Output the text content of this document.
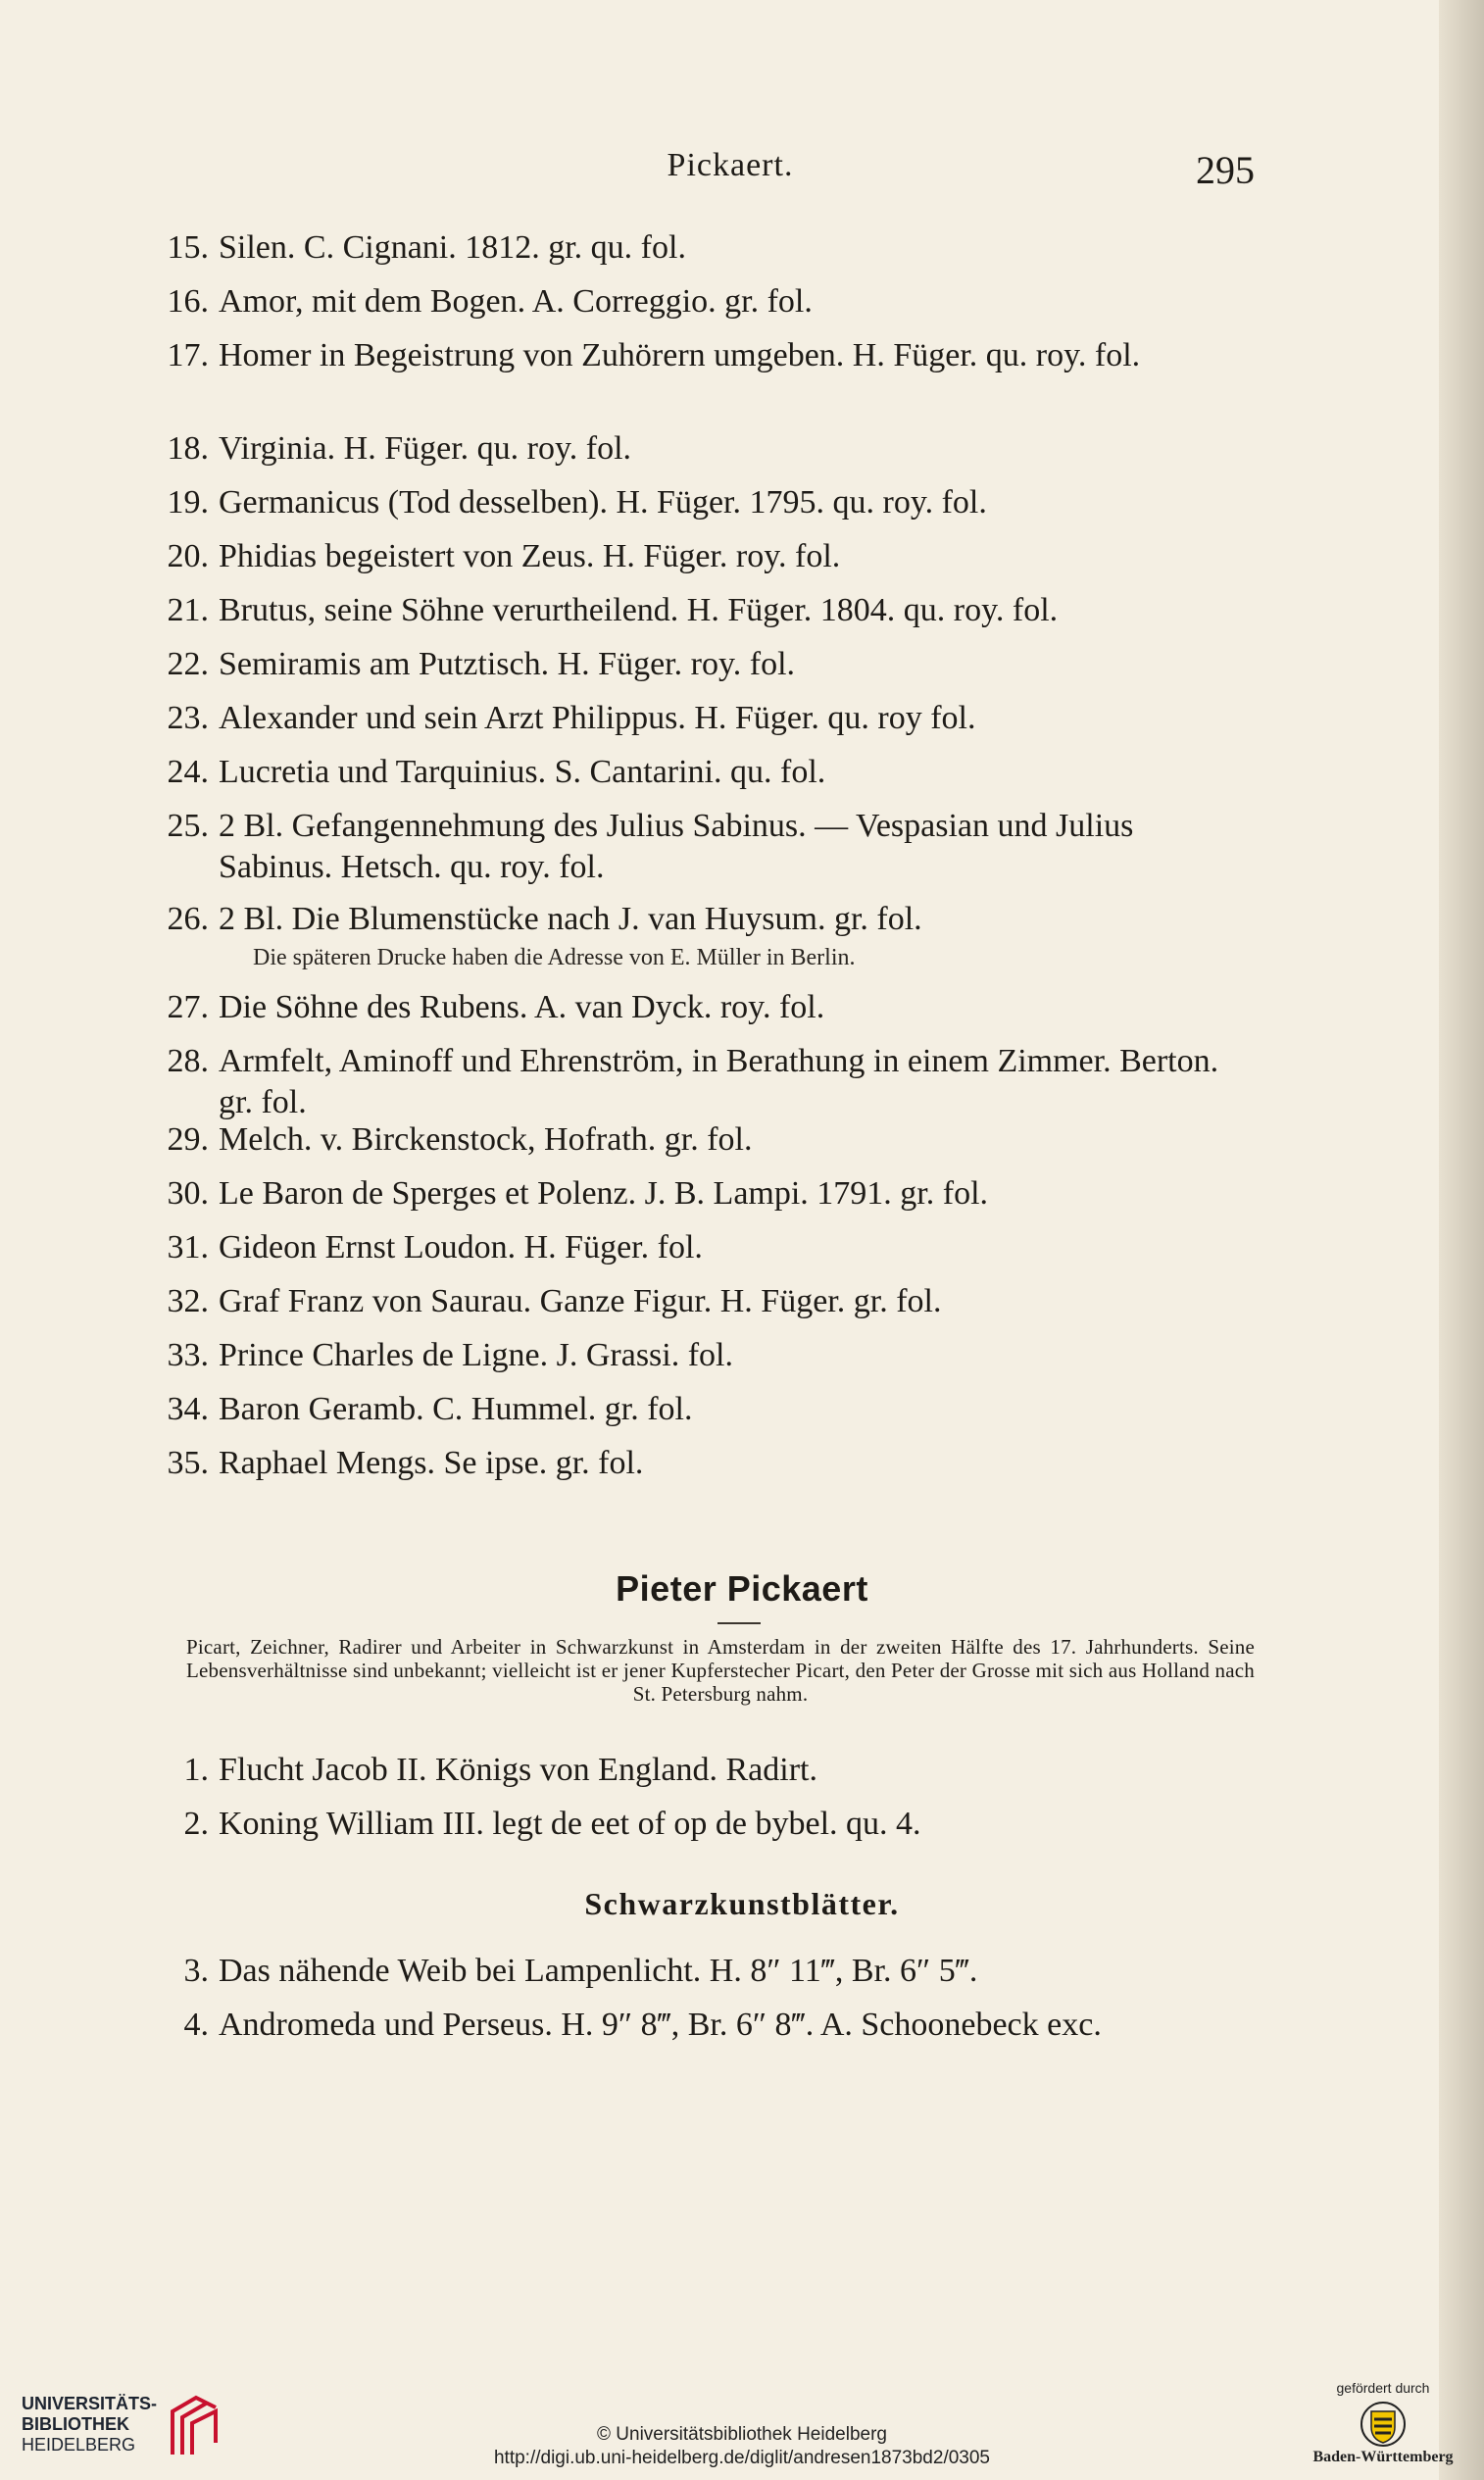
Pickaert.	295
15. Silen. C. Cignani. 1812. gr. qu. fol.
16. Amor, mit dem Bogen. A. Correggio. gr. fol.
17. Homer in Begeistrung von Zuhörern umgeben. H. Füger. qu. roy. fol.
18. Virginia. H. Füger. qu. roy. fol.
19. Germanicus (Tod desselben). H. Füger. 1795. qu. roy. fol.
20. Phidias begeistert von Zeus. H. Füger. roy. fol.
21. Brutus, seine Söhne verurtheilend. H. Füger. 1804. qu. roy. fol.
22. Semiramis am Putztisch. H. Füger. roy. fol.
23. Alexander und sein Arzt Philippus. H. Füger. qu. roy fol.
24. Lucretia und Tarquinius. S. Cantarini. qu. fol.
25. 2 Bl. Gefangennehmung des Julius Sabinus. — Vespasian und Julius Sabinus. Hetsch. qu. roy. fol.
26. 2 Bl. Die Blumenstücke nach J. van Huysum. gr. fol.
Die späteren Drucke haben die Adresse von E. Müller in Berlin.
27. Die Söhne des Rubens. A. van Dyck. roy. fol.
28. Armfelt, Aminoff und Ehrenström, in Berathung in einem Zimmer. Berton. gr. fol.
29. Melch. v. Birckenstock, Hofrath. gr. fol.
30. Le Baron de Sperges et Polenz. J. B. Lampi. 1791. gr. fol.
31. Gideon Ernst Loudon. H. Füger. fol.
32. Graf Franz von Saurau. Ganze Figur. H. Füger. gr. fol.
33. Prince Charles de Ligne. J. Grassi. fol.
34. Baron Geramb. C. Hummel. gr. fol.
35. Raphael Mengs. Se ipse. gr. fol.
Pieter Pickaert
Picart, Zeichner, Radirer und Arbeiter in Schwarzkunst in Amsterdam in der zweiten Hälfte des 17. Jahrhunderts. Seine Lebensverhältnisse sind unbekannt; vielleicht ist er jener Kupferstecher Picart, den Peter der Grosse mit sich aus Holland nach St. Petersburg nahm.
1. Flucht Jacob II. Königs von England. Radirt.
2. Koning William III. legt de eet of op de bybel. qu. 4.
Schwarzkunstblätter.
3. Das nähende Weib bei Lampenlicht. H. 8″ 11‴, Br. 6″ 5‴.
4. Andromeda und Perseus. H. 9″ 8‴, Br. 6″ 8‴. A. Schoonebeck exc.
UNIVERSITÄTS-
BIBLIOTHEK
HEIDELBERG	© Universitätsbibliothek Heidelberg
http://digi.ub.uni-heidelberg.de/diglit/andresen1873bd2/0305
gefördert durch
Baden-Württemberg
